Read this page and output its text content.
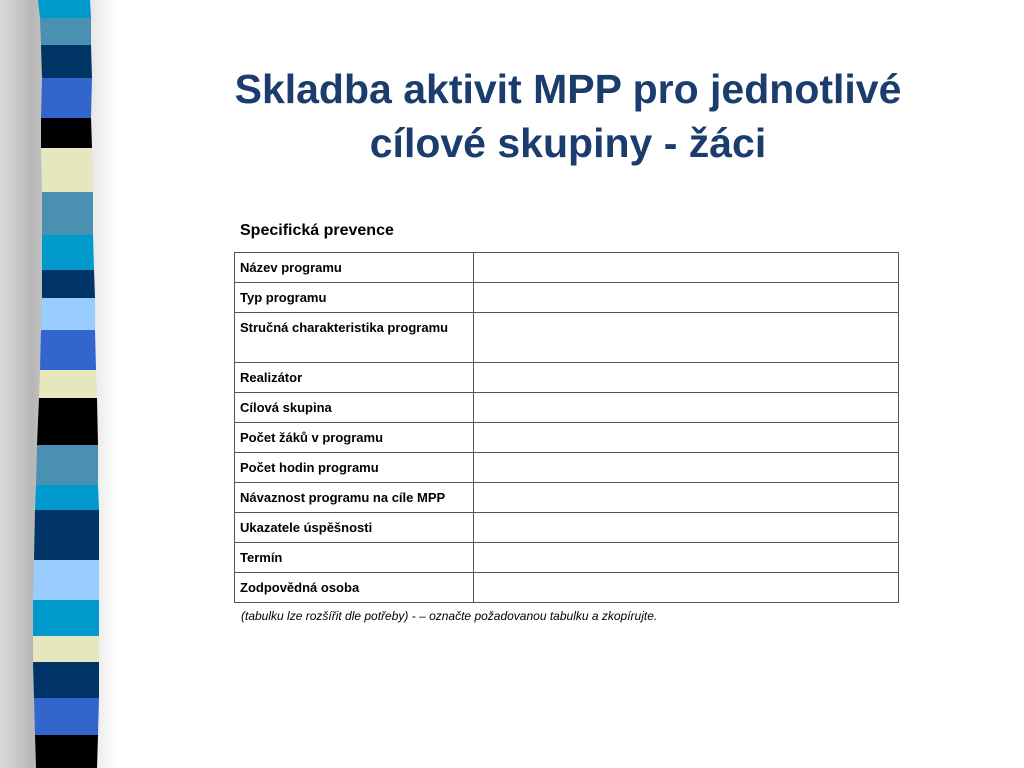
Skladba aktivit MPP pro jednotlivé
cílové skupiny - žáci
Specifická prevence
Název programu	
Typ programu	
Stručná charakteristika programu	
Realizátor	
Cílová skupina	
Počet žáků v programu	
Počet hodin programu	
Návaznost programu na cíle MPP	
Ukazatele úspěšnosti	
Termín	
Zodpovědná osoba	
(tabulku lze rozšířit dle potřeby) - – označte požadovanou tabulku a zkopírujte.
